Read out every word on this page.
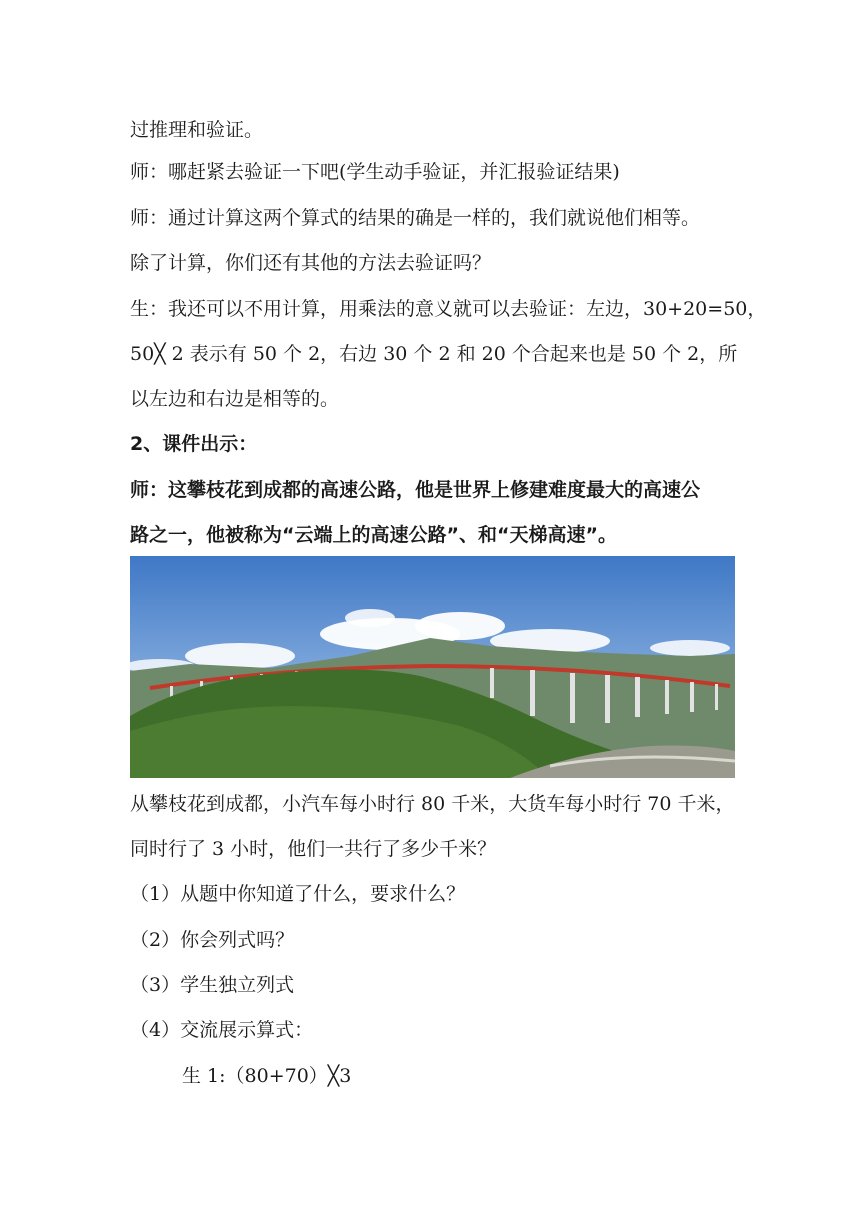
过推理和验证。
师：哪赶紧去验证一下吧(学生动手验证，并汇报验证结果)
师：通过计算这两个算式的结果的确是一样的，我们就说他们相等。
除了计算，你们还有其他的方法去验证吗？
生：我还可以不用计算，用乘法的意义就可以去验证：左边，30+20=50，
50╳ 2 表示有 50 个 2，右边 30 个 2 和 20 个合起来也是 50 个 2，所
以左边和右边是相等的。
2、课件出示：
师：这攀枝花到成都的高速公路，他是世界上修建难度最大的高速公
路之一，他被称为“云端上的高速公路”、和“天梯高速”。
从攀枝花到成都，小汽车每小时行 80 千米，大货车每小时行 70 千米，
同时行了 3 小时，他们一共行了多少千米？
（1）从题中你知道了什么，要求什么？
（2）你会列式吗？
（3）学生独立列式
（4）交流展示算式：
生 1:（80+70）╳3
